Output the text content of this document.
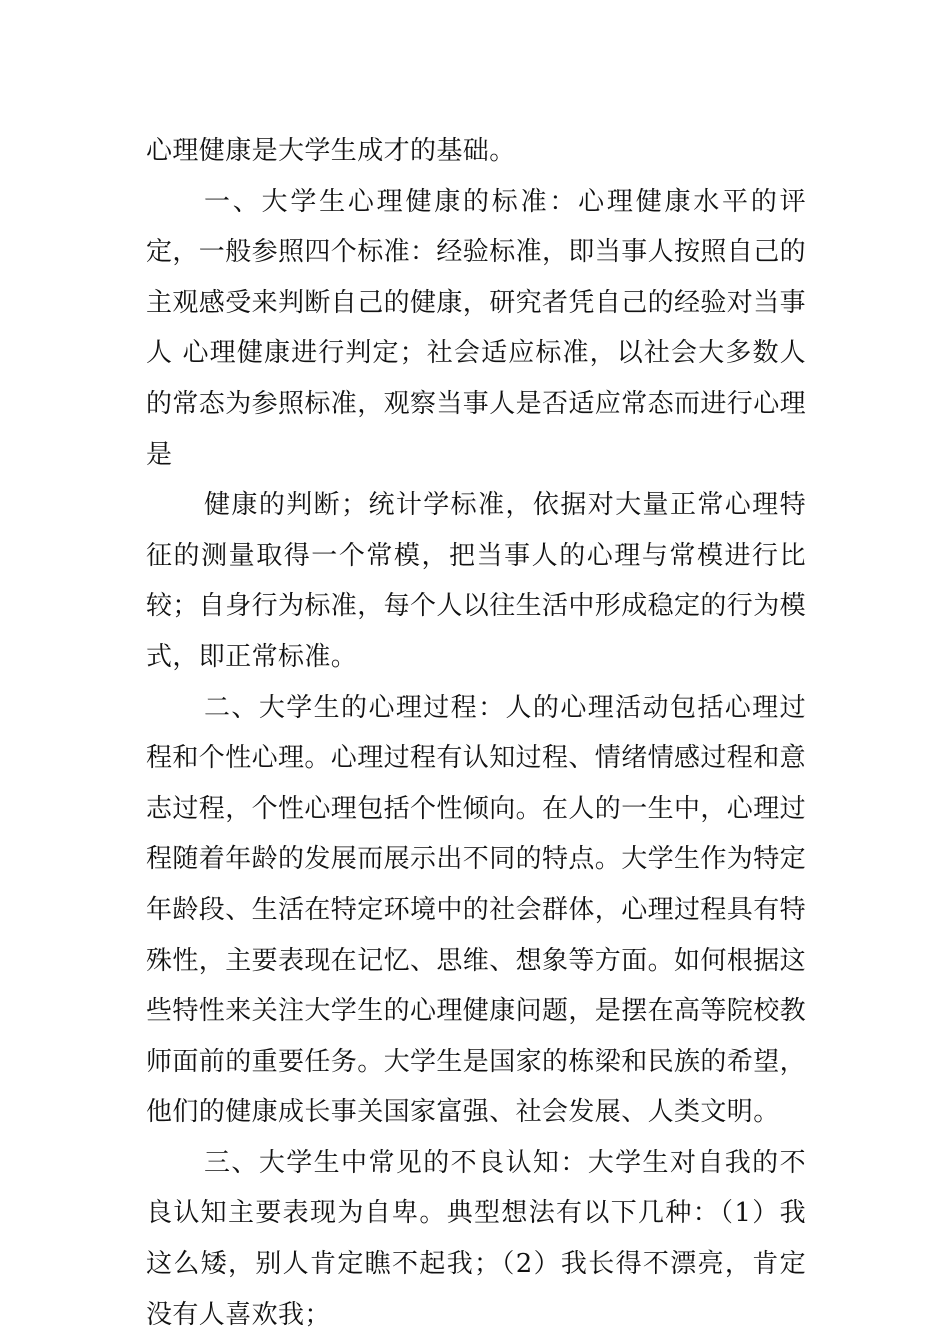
心理健康是大学生成才的基础。

一、大学生心理健康的标准：心理健康水平的评定，一般参照四个标准：经验标准，即当事人按照自己的主观感受来判断自己的健康，研究者凭自己的经验对当事人 心理健康进行判定；社会适应标准，以社会大多数人的常态为参照标准，观察当事人是否适应常态而进行心理是

健康的判断；统计学标准，依据对大量正常心理特征的测量取得一个常模，把当事人的心理与常模进行比较；自身行为标准，每个人以往生活中形成稳定的行为模式，即正常标准。

二、大学生的心理过程：人的心理活动包括心理过程和个性心理。心理过程有认知过程、情绪情感过程和意志过程，个性心理包括个性倾向。在人的一生中，心理过程随着年龄的发展而展示出不同的特点。大学生作为特定年龄段、生活在特定环境中的社会群体，心理过程具有特殊性，主要表现在记忆、思维、想象等方面。如何根据这些特性来关注大学生的心理健康问题，是摆在高等院校教师面前的重要任务。大学生是国家的栋梁和民族的希望，他们的健康成长事关国家富强、社会发展、人类文明。

三、大学生中常见的不良认知：大学生对自我的不良认知主要表现为自卑。典型想法有以下几种：（1）我这么矮，别人肯定瞧不起我；（2）我长得不漂亮，肯定没有人喜欢我；
